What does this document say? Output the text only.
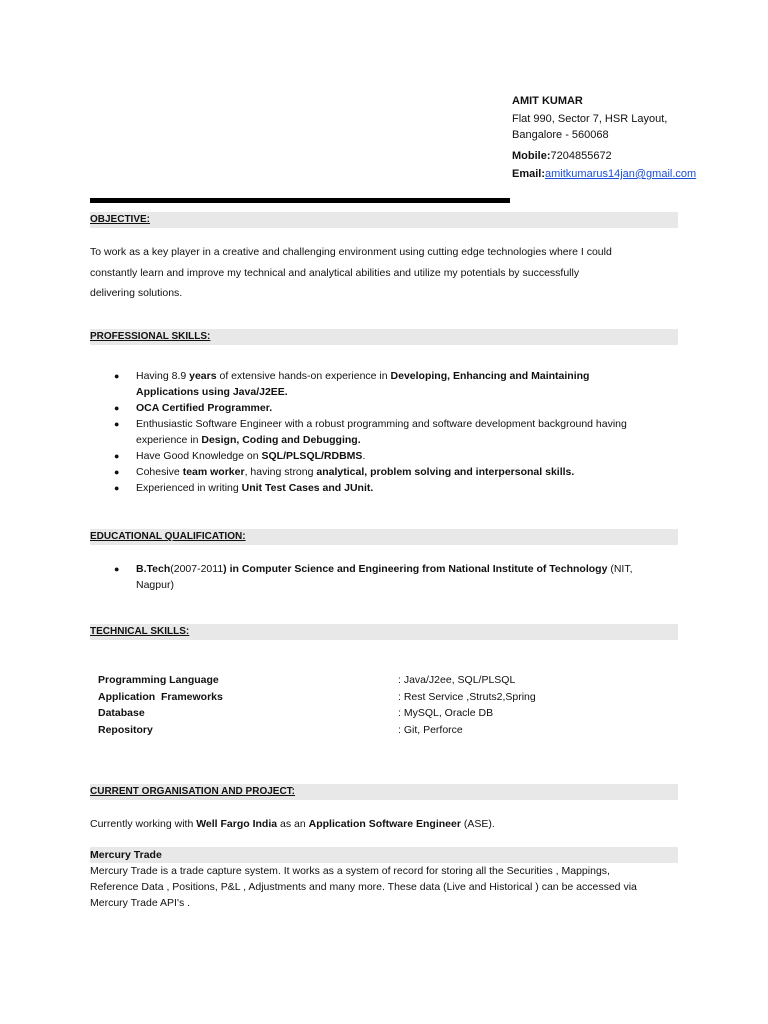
AMIT KUMAR
Flat 990, Sector 7, HSR Layout,
Bangalore - 560068
Mobile:7204855672
Email:amitkumarus14jan@gmail.com
OBJECTIVE:

To work as a key player in a creative and challenging environment using cutting edge technologies where I could

constantly learn and improve my technical and analytical abilities and utilize my potentials by successfully

delivering solutions.

PROFESSIONAL SKILLS:
● Having 8.9 years of extensive hands-on experience in Developing, Enhancing and Maintaining
Applications using Java/J2EE.
● OCA Certified Programmer.
● Enthusiastic Software Engineer with a robust programming and software development background having
experience in Design, Coding and Debugging.
● Have Good Knowledge on SQL/PLSQL/RDBMS.
● Cohesive team worker, having strong analytical, problem solving and interpersonal skills.
● Experienced in writing Unit Test Cases and JUnit.
EDUCATIONAL QUALIFICATION:
● B.Tech(2007-2011) in Computer Science and Engineering from National Institute of Technology (NIT,
Nagpur)
TECHNICAL SKILLS:
Programming Language	: Java/J2ee, SQL/PLSQL
Application  Frameworks	: Rest Service ,Struts2,Spring
Database	: MySQL, Oracle DB
Repository	: Git, Perforce
CURRENT ORGANISATION AND PROJECT:
Currently working with Well Fargo India as an Application Software Engineer (ASE).
Mercury Trade
Mercury Trade is a trade capture system. It works as a system of record for storing all the Securities , Mappings,
Reference Data , Positions, P&L , Adjustments and many more. These data (Live and Historical ) can be accessed via
Mercury Trade API's .
